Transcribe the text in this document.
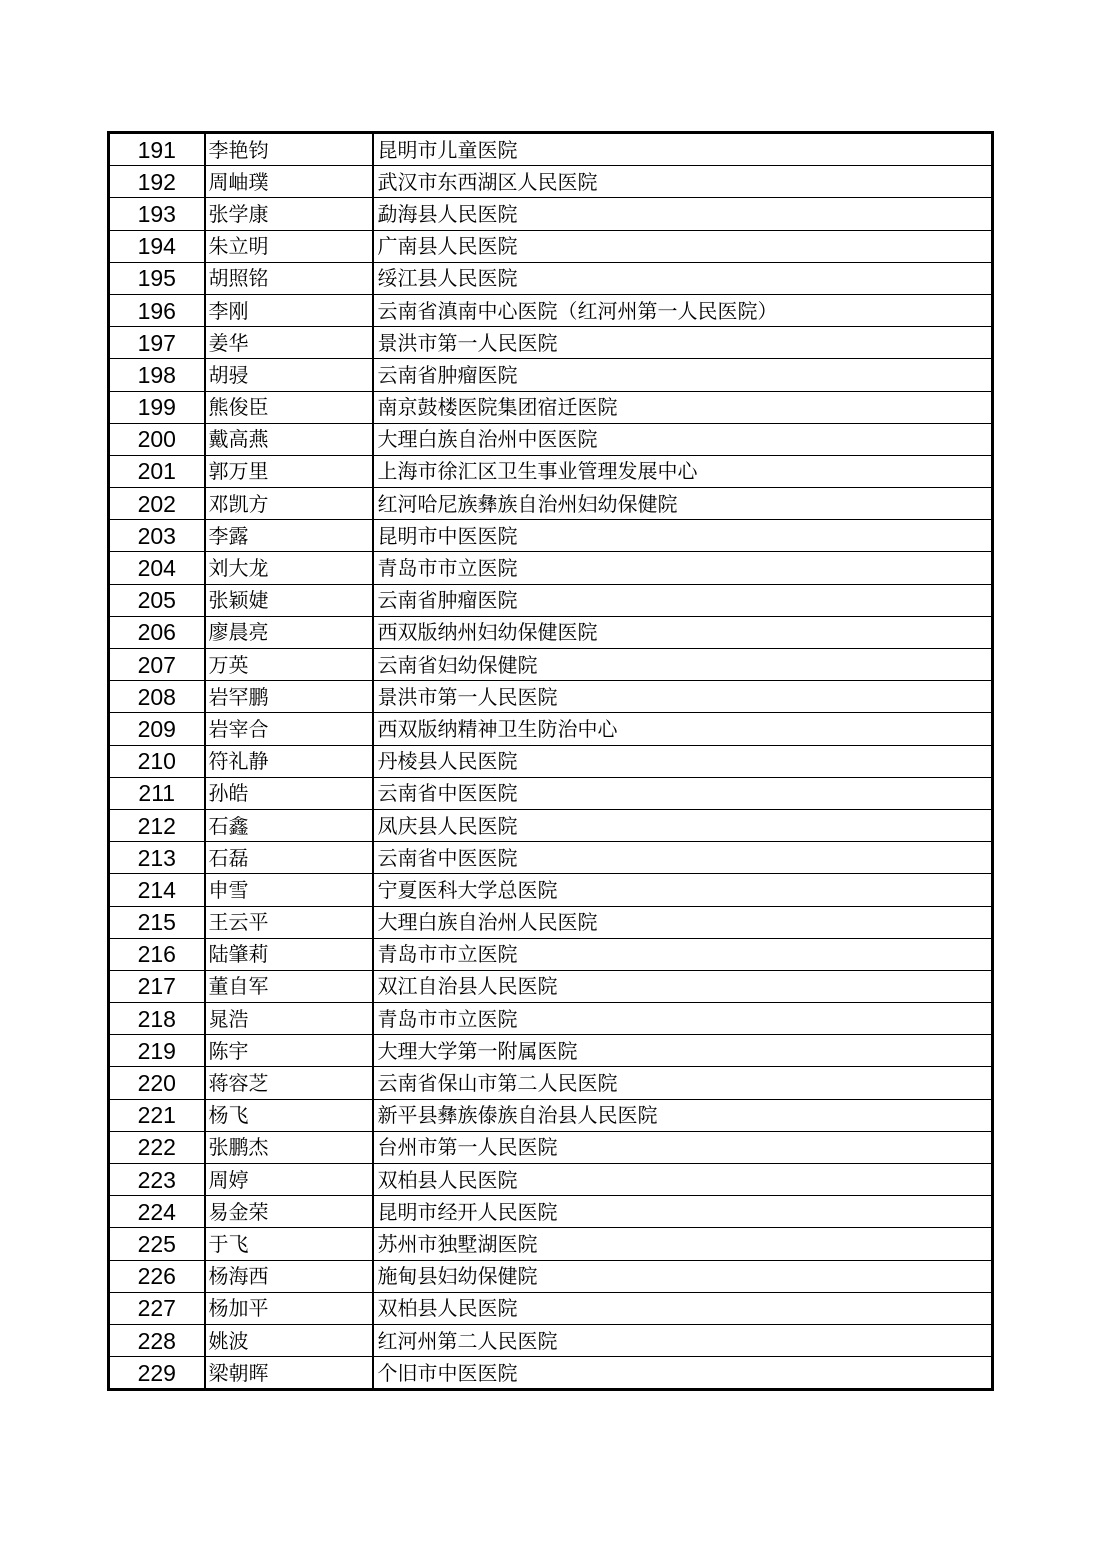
191	李艳钧	昆明市儿童医院
192	周岫璞	武汉市东西湖区人民医院
193	张学康	勐海县人民医院
194	朱立明	广南县人民医院
195	胡照铭	绥江县人民医院
196	李刚	云南省滇南中心医院（红河州第一人民医院）
197	姜华	景洪市第一人民医院
198	胡骎	云南省肿瘤医院
199	熊俊臣	南京鼓楼医院集团宿迁医院
200	戴高燕	大理白族自治州中医医院
201	郭万里	上海市徐汇区卫生事业管理发展中心
202	邓凯方	红河哈尼族彝族自治州妇幼保健院
203	李露	昆明市中医医院
204	刘大龙	青岛市市立医院
205	张颖婕	云南省肿瘤医院
206	廖晨亮	西双版纳州妇幼保健医院
207	万英	云南省妇幼保健院
208	岩罕鹏	景洪市第一人民医院
209	岩宰合	西双版纳精神卫生防治中心
210	符礼静	丹棱县人民医院
211	孙皓	云南省中医医院
212	石鑫	凤庆县人民医院
213	石磊	云南省中医医院
214	申雪	宁夏医科大学总医院
215	王云平	大理白族自治州人民医院
216	陆肇莉	青岛市市立医院
217	董自军	双江自治县人民医院
218	晁浩	青岛市市立医院
219	陈宇	大理大学第一附属医院
220	蒋容芝	云南省保山市第二人民医院
221	杨飞	新平县彝族傣族自治县人民医院
222	张鹏杰	台州市第一人民医院
223	周婷	双柏县人民医院
224	易金荣	昆明市经开人民医院
225	于飞	苏州市独墅湖医院
226	杨海西	施甸县妇幼保健院
227	杨加平	双柏县人民医院
228	姚波	红河州第二人民医院
229	梁朝晖	个旧市中医医院
